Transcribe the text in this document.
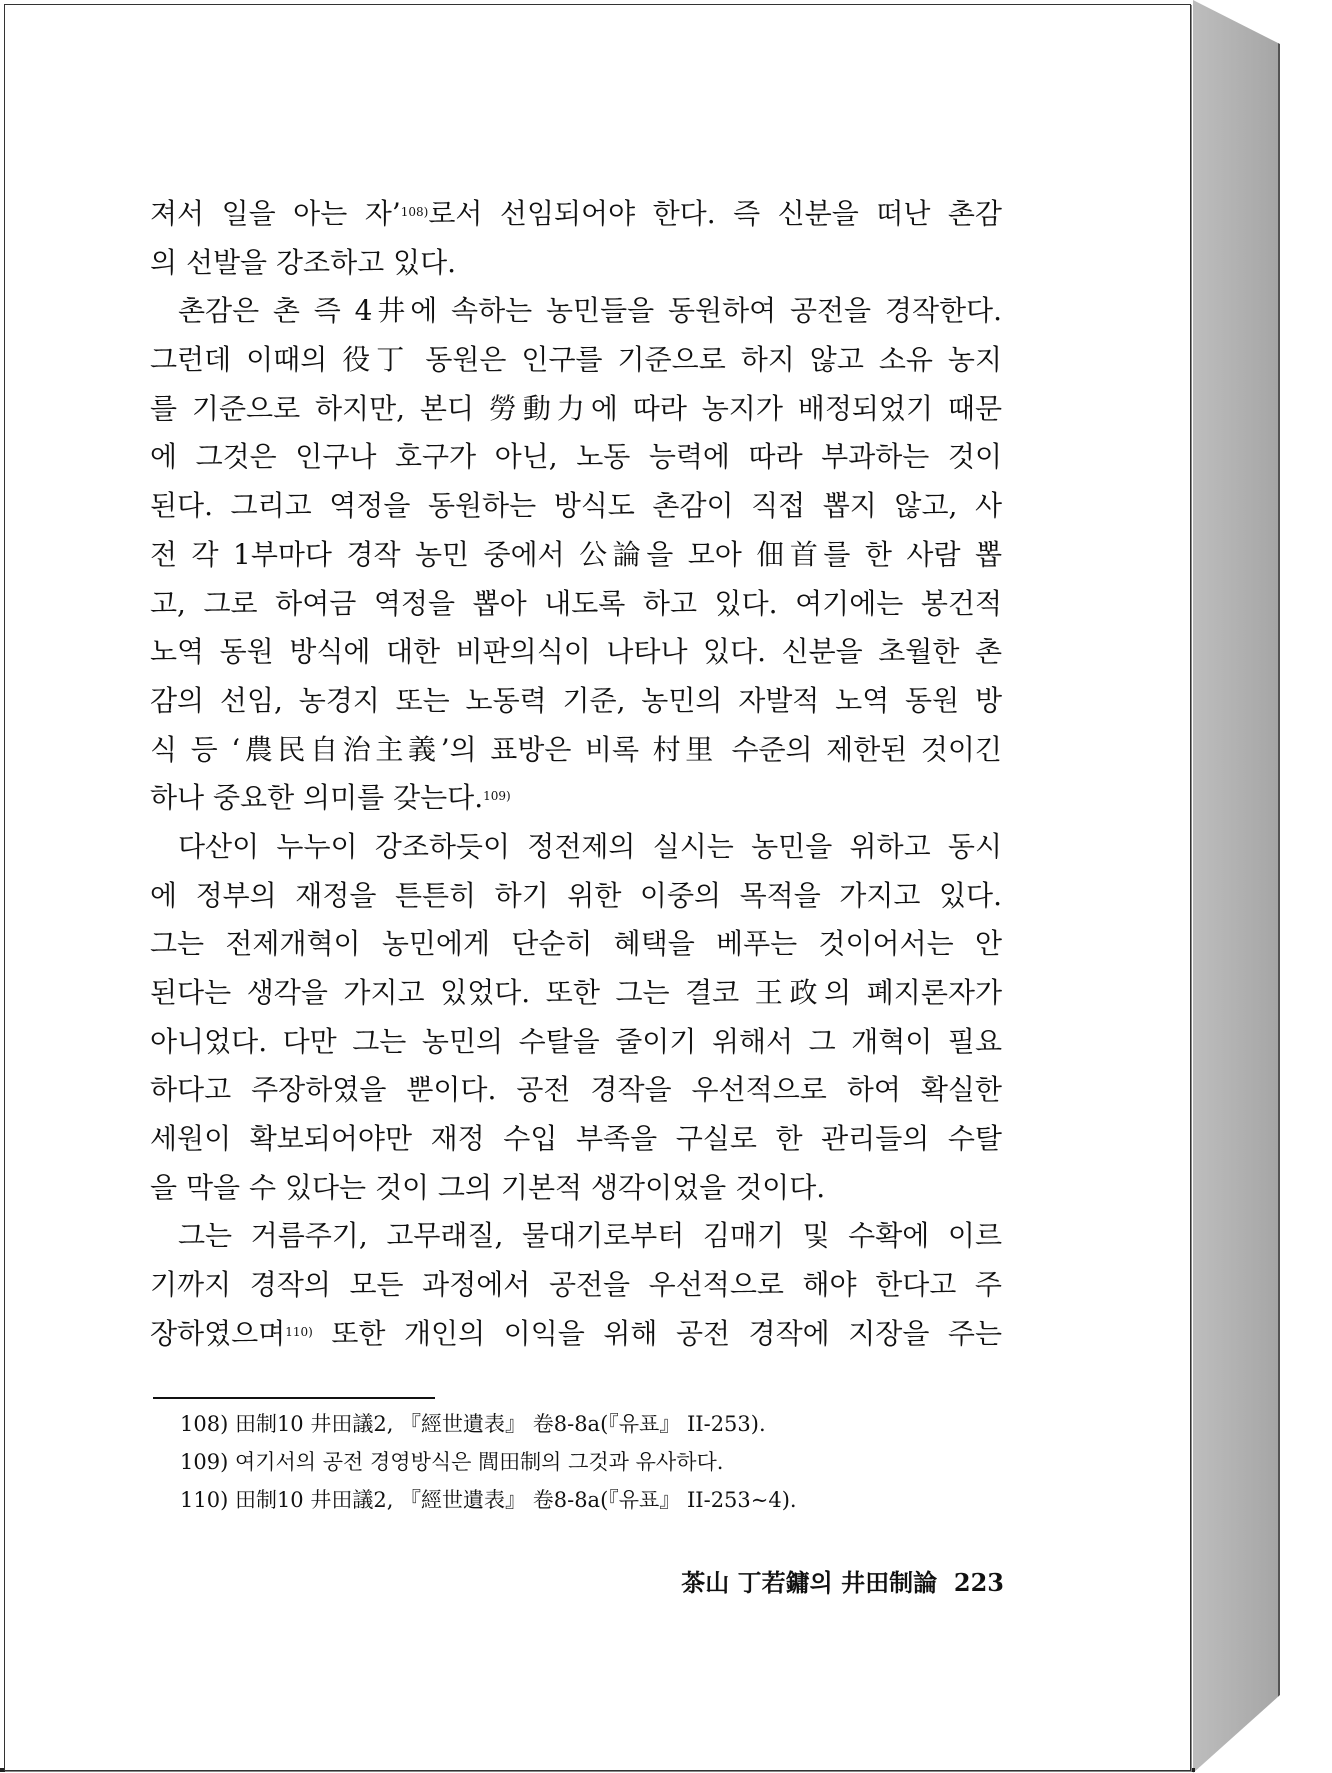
져서 일을 아는 자’$^{108)}$로서 선임되어야 한다. 즉 신분을 떠난 촌감
의 선발을 강조하고 있다.
촌감은 촌 즉 4井에 속하는 농민들을 동원하여 공전을 경작한다.
그런데 이때의 役丁 동원은 인구를 기준으로 하지 않고 소유 농지
를 기준으로 하지만, 본디 勞動力에 따라 농지가 배정되었기 때문
에 그것은 인구나 호구가 아닌, 노동 능력에 따라 부과하는 것이
된다. 그리고 역정을 동원하는 방식도 촌감이 직접 뽑지 않고, 사
전 각 1부마다 경작 농민 중에서 公論을 모아 佃首를 한 사람 뽑
고, 그로 하여금 역정을 뽑아 내도록 하고 있다. 여기에는 봉건적
노역 동원 방식에 대한 비판의식이 나타나 있다. 신분을 초월한 촌
감의 선임, 농경지 또는 노동력 기준, 농민의 자발적 노역 동원 방
식 등 ‘農民自治主義’의 표방은 비록 村里 수준의 제한된 것이긴
하나 중요한 의미를 갖는다.$^{109)}$
다산이 누누이 강조하듯이 정전제의 실시는 농민을 위하고 동시
에 정부의 재정을 튼튼히 하기 위한 이중의 목적을 가지고 있다.
그는 전제개혁이 농민에게 단순히 혜택을 베푸는 것이어서는 안
된다는 생각을 가지고 있었다. 또한 그는 결코 王政의 폐지론자가
아니었다. 다만 그는 농민의 수탈을 줄이기 위해서 그 개혁이 필요
하다고 주장하였을 뿐이다. 공전 경작을 우선적으로 하여 확실한
세원이 확보되어야만 재정 수입 부족을 구실로 한 관리들의 수탈
을 막을 수 있다는 것이 그의 기본적 생각이었을 것이다.
그는 거름주기, 고무래질, 물대기로부터 김매기 및 수확에 이르
기까지 경작의 모든 과정에서 공전을 우선적으로 해야 한다고 주
장하였으며$^{110)}$ 또한 개인의 이익을 위해 공전 경작에 지장을 주는
108) 田制10 井田議2, 『經世遺表』 卷8-8a(『유표』 II-253).
109) 여기서의 공전 경영방식은 閭田制의 그것과 유사하다.
110) 田制10 井田議2, 『經世遺表』 卷8-8a(『유표』 II-253∼4).
茶山 丁若鏞의 井田制論 223
